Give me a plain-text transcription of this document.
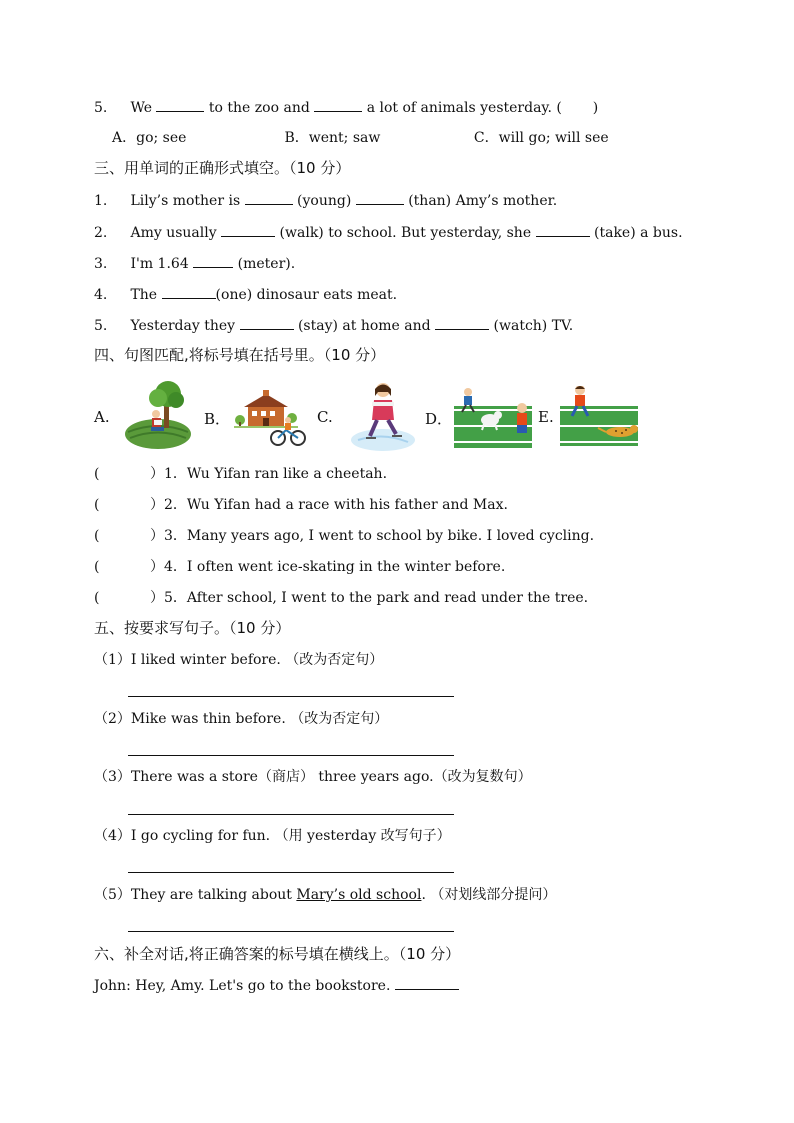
5. We	to the zoo and	a lot of animals yesterday. ( )
A．go; see	B．went; saw	C．will go; will see
三、用单词的正确形式填空。（10 分）
1. Lily’s mother is	(young)	(than) Amy’s mother.
2. Amy usually	(walk) to school. But yesterday, she	(take) a bus.
3. I'm 1.64	(meter).
4. The	(one) dinosaur eats meat.
5. Yesterday they	(stay) at home and	(watch) TV.
四、句图匹配,将标号填在括号里。（10 分）
A.	B．	C.	D．	E.
(	）1．Wu Yifan ran like a cheetah.
(	）2．Wu Yifan had a race with his father and Max.
(	）3．Many years ago, I went to school by bike. I loved cycling.
(	）4．I often went ice-skating in the winter before.
(	）5．After school, I went to the park and read under the tree.
五、按要求写句子。（10 分）
（1）I liked winter before. （改为否定句）
（2）Mike was thin before. （改为否定句）
（3）There was a store（商店） three years ago.（改为复数句）
（4）I go cycling for fun. （用 yesterday 改写句子）
（5）They are talking about Mary’s old school. （对划线部分提问）
六、补全对话,将正确答案的标号填在横线上。（10 分）
John: Hey, Amy. Let's go to the bookstore.
